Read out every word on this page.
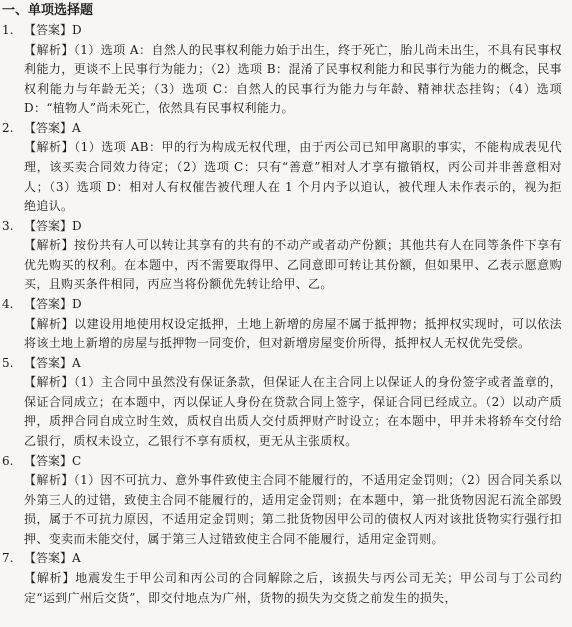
一、单项选择题
1. 【答案】D
【解析】（1）选项 A：自然人的民事权利能力始于出生，终于死亡，胎儿尚未出生，不具有民事权利能力，更谈不上民事行为能力；（2）选项 B：混淆了民事权利能力和民事行为能力的概念，民事权利能力与年龄无关；（3）选项 C：自然人的民事行为能力与年龄、精神状态挂钩；（4）选项 D：“植物人”尚未死亡，依然具有民事权利能力。
2. 【答案】A
【解析】（1）选项 AB：甲的行为构成无权代理，由于丙公司已知甲离职的事实，不能构成表见代理，该买卖合同效力待定；（2）选项 C：只有“善意”相对人才享有撤销权，丙公司并非善意相对人；（3）选项 D：相对人有权催告被代理人在 1 个月内予以追认，被代理人未作表示的，视为拒绝追认。
3. 【答案】D
【解析】按份共有人可以转让其享有的共有的不动产或者动产份额；其他共有人在同等条件下享有优先购买的权利。在本题中，丙不需要取得甲、乙同意即可转让其份额，但如果甲、乙表示愿意购买，且购买条件相同，丙应当将份额优先转让给甲、乙。
4. 【答案】D
【解析】以建设用地使用权设定抵押，土地上新增的房屋不属于抵押物；抵押权实现时，可以依法将该土地上新增的房屋与抵押物一同变价，但对新增房屋变价所得，抵押权人无权优先受偿。
5. 【答案】A
【解析】（1）主合同中虽然没有保证条款，但保证人在主合同上以保证人的身份签字或者盖章的，保证合同成立；在本题中，丙以保证人身份在贷款合同上签字，保证合同已经成立。（2）以动产质押，质押合同自成立时生效，质权自出质人交付质押财产时设立；在本题中，甲并未将轿车交付给乙银行，质权未设立，乙银行不享有质权，更无从主张质权。
6. 【答案】C
【解析】（1）因不可抗力、意外事件致使主合同不能履行的，不适用定金罚则；（2）因合同关系以外第三人的过错，致使主合同不能履行的，适用定金罚则；在本题中，第一批货物因泥石流全部毁损，属于不可抗力原因，不适用定金罚则；第二批货物因甲公司的债权人丙对该批货物实行强行扣押、变卖而未能交付，属于第三人过错致使主合同不能履行，适用定金罚则。
7. 【答案】A
【解析】地震发生于甲公司和丙公司的合同解除之后，该损失与丙公司无关；甲公司与丁公司约定“运到广州后交货”，即交付地点为广州，货物的损失为交货之前发生的损失，
